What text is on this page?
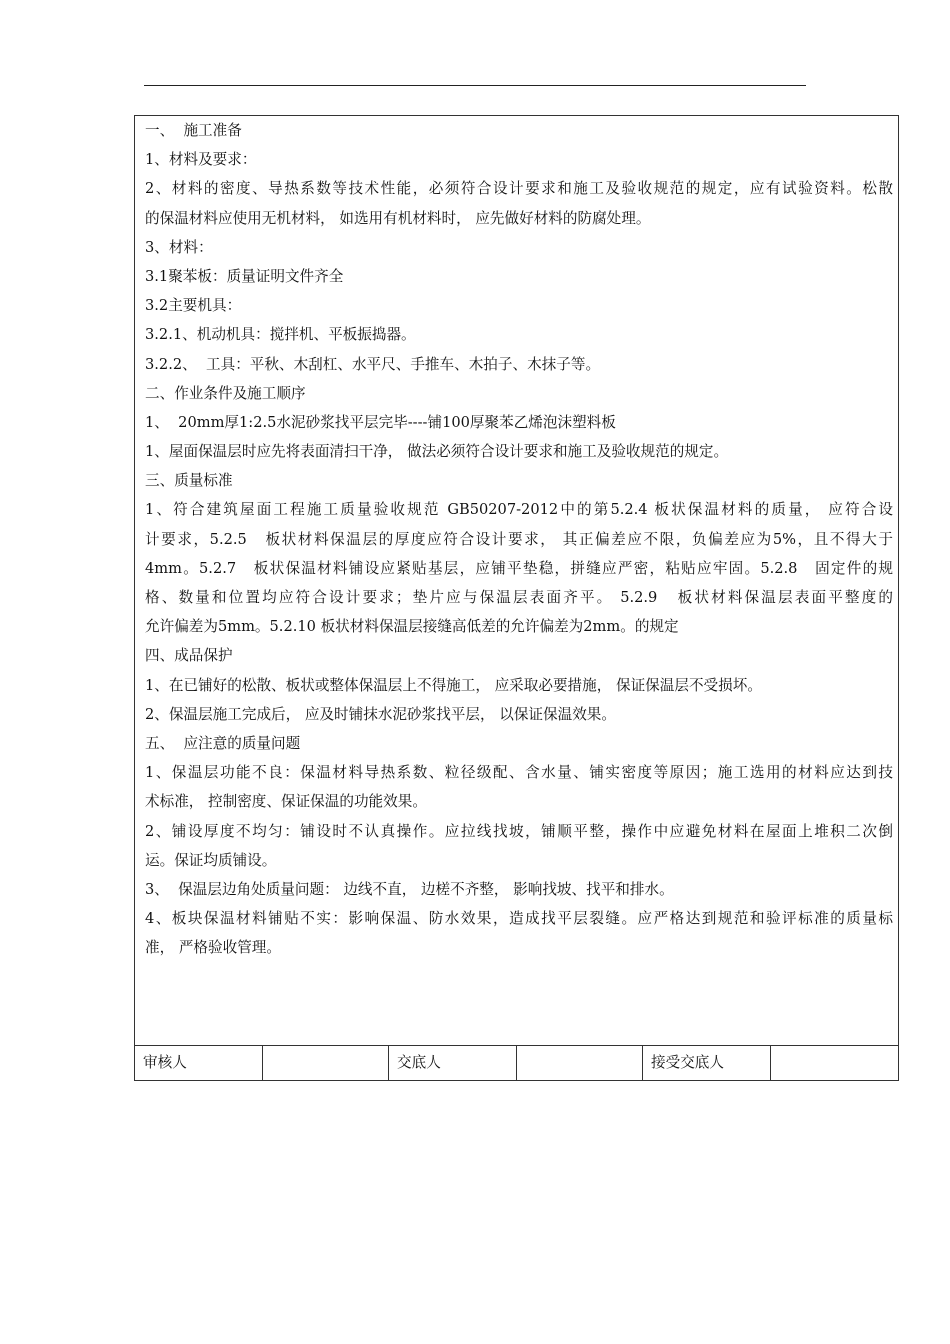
一、  施工准备
1、材料及要求：
2、材料的密度、导热系数等技术性能，必须符合设计要求和施工及验收规范的规定，应有试验资料。松散
的保温材料应使用无机材料， 如选用有机材料时， 应先做好材料的防腐处理。
3、材料：
3.1聚苯板：质量证明文件齐全
3.2主要机具：
3.2.1、机动机具：搅拌机、平板振捣器。
3.2.2、  工具：平秋、木刮杠、水平尺、手推车、木拍子、木抹子等。
二、作业条件及施工顺序
1、  20mm厚1:2.5水泥砂浆找平层完毕----铺100厚聚苯乙烯泡沫塑料板
1、屋面保温层时应先将表面清扫干净， 做法必须符合设计要求和施工及验收规范的规定。
三、质量标准
1、符合建筑屋面工程施工质量验收规范 GB50207-2012中的第5.2.4 板状保温材料的质量， 应符合设
计要求，5.2.5   板状材料保温层的厚度应符合设计要求， 其正偏差应不限，负偏差应为5%，且不得大于
4mm。5.2.7   板状保温材料铺设应紧贴基层，应铺平垫稳，拼缝应严密，粘贴应牢固。5.2.8   固定件的规
格、数量和位置均应符合设计要求；垫片应与保温层表面齐平。 5.2.9   板状材料保温层表面平整度的
允许偏差为5mm。5.2.10 板状材料保温层接缝高低差的允许偏差为2mm。的规定
四、成品保护
1、在已铺好的松散、板状或整体保温层上不得施工， 应采取必要措施， 保证保温层不受损坏。
2、保温层施工完成后， 应及时铺抹水泥砂浆找平层， 以保证保温效果。
五、  应注意的质量问题
1、保温层功能不良：保温材料导热系数、粒径级配、含水量、铺实密度等原因；施工选用的材料应达到技
术标准， 控制密度、保证保温的功能效果。
2、铺设厚度不均匀：铺设时不认真操作。应拉线找坡，铺顺平整，操作中应避免材料在屋面上堆积二次倒
运。保证均质铺设。
3、  保温层边角处质量问题： 边线不直， 边槎不齐整， 影响找坡、找平和排水。
4、板块保温材料铺贴不实：影响保温、防水效果，造成找平层裂缝。应严格达到规范和验评标准的质量标
准， 严格验收管理。
审核人	交底人	接受交底人
